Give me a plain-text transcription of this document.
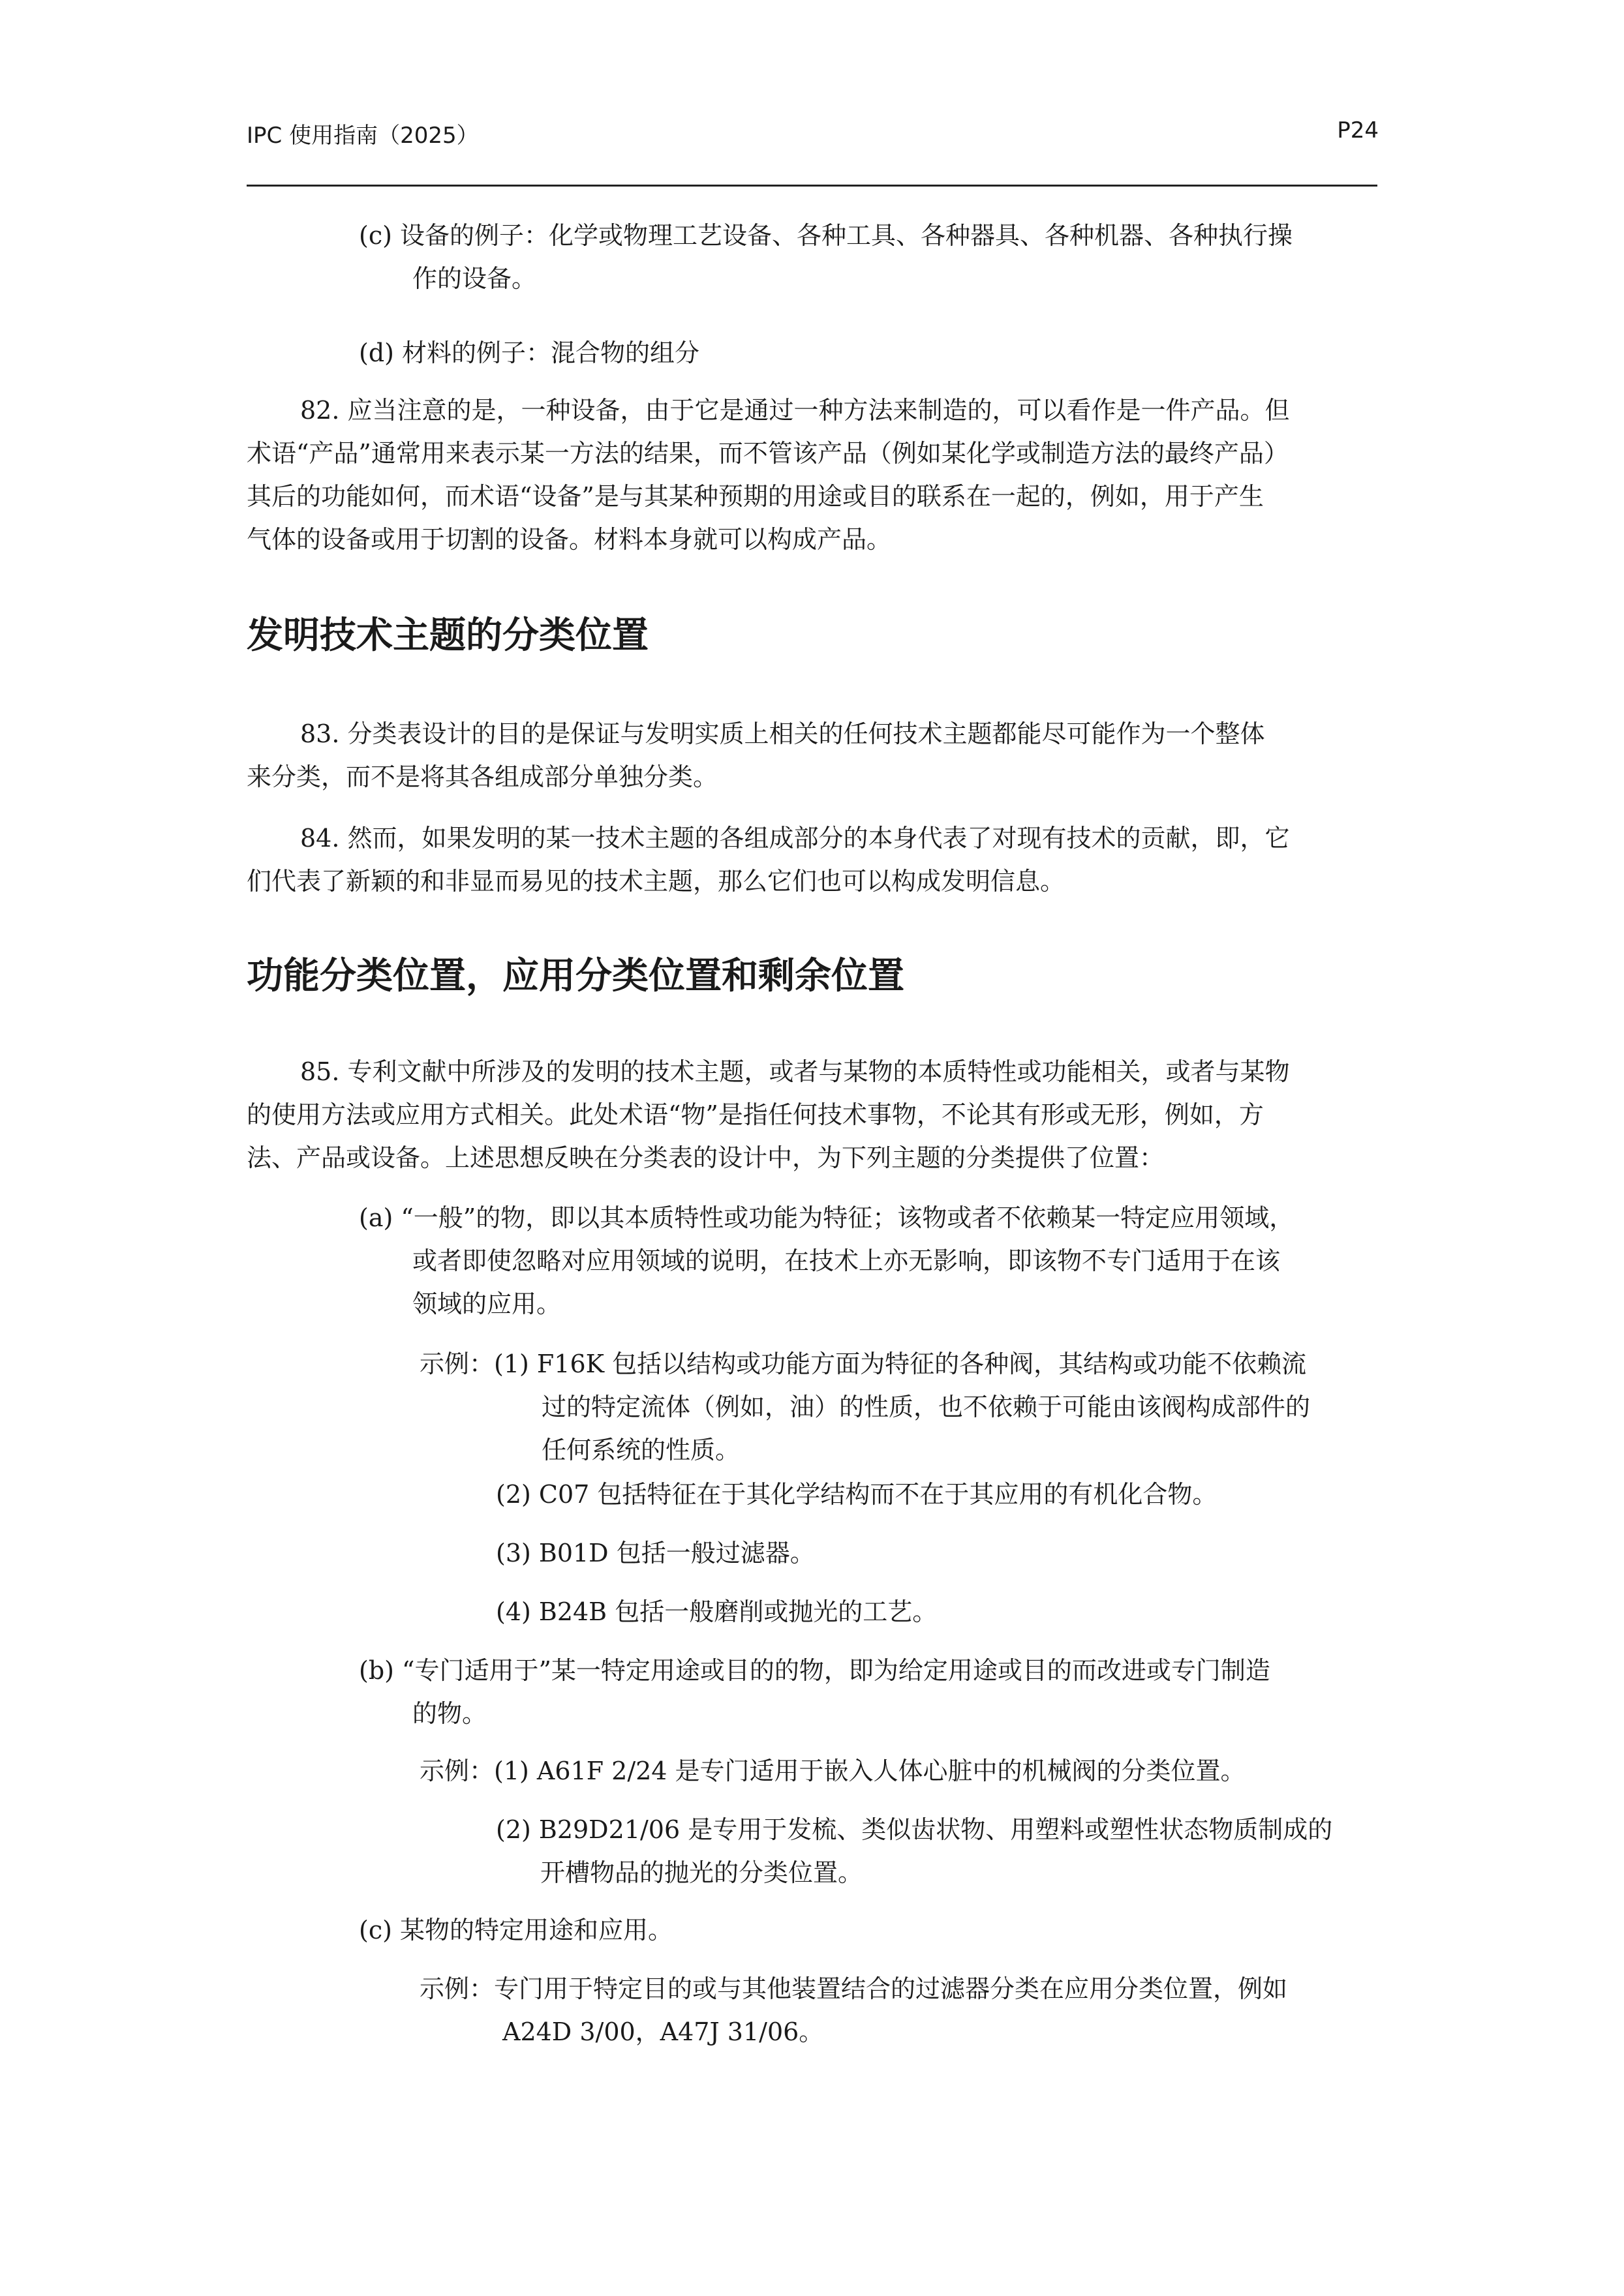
IPC 使用指南（2025）	P24
(c) 设备的例子：化学或物理工艺设备、各种工具、各种器具、各种机器、各种执行操
作的设备。
(d) 材料的例子：混合物的组分
82. 应当注意的是，一种设备，由于它是通过一种方法来制造的，可以看作是一件产品。但
术语“产品”通常用来表示某一方法的结果，而不管该产品（例如某化学或制造方法的最终产品）
其后的功能如何，而术语“设备”是与其某种预期的用途或目的联系在一起的，例如，用于产生
气体的设备或用于切割的设备。材料本身就可以构成产品。
83. 分类表设计的目的是保证与发明实质上相关的任何技术主题都能尽可能作为一个整体
来分类，而不是将其各组成部分单独分类。
84. 然而，如果发明的某一技术主题的各组成部分的本身代表了对现有技术的贡献，即，它
们代表了新颖的和非显而易见的技术主题，那么它们也可以构成发明信息。
85. 专利文献中所涉及的发明的技术主题，或者与某物的本质特性或功能相关，或者与某物
的使用方法或应用方式相关。此处术语“物”是指任何技术事物，不论其有形或无形，例如，方
法、产品或设备。上述思想反映在分类表的设计中，为下列主题的分类提供了位置：
(a) “一般”的物，即以其本质特性或功能为特征；该物或者不依赖某一特定应用领域，
或者即使忽略对应用领域的说明，在技术上亦无影响，即该物不专门适用于在该
领域的应用。
示例：(1) F16K 包括以结构或功能方面为特征的各种阀，其结构或功能不依赖流
过的特定流体（例如，油）的性质，也不依赖于可能由该阀构成部件的
任何系统的性质。
(2) C07 包括特征在于其化学结构而不在于其应用的有机化合物。
(3) B01D 包括一般过滤器。
(4) B24B 包括一般磨削或抛光的工艺。
(b) “专门适用于”某一特定用途或目的的物，即为给定用途或目的而改进或专门制造
的物。
示例：(1) A61F 2/24 是专门适用于嵌入人体心脏中的机械阀的分类位置。
(2) B29D21/06 是专用于发梳、类似齿状物、用塑料或塑性状态物质制成的
开槽物品的抛光的分类位置。
(c) 某物的特定用途和应用。
示例：专门用于特定目的或与其他装置结合的过滤器分类在应用分类位置，例如
A24D 3/00，A47J 31/06。
发明技术主题的分类位置
功能分类位置，应用分类位置和剩余位置
